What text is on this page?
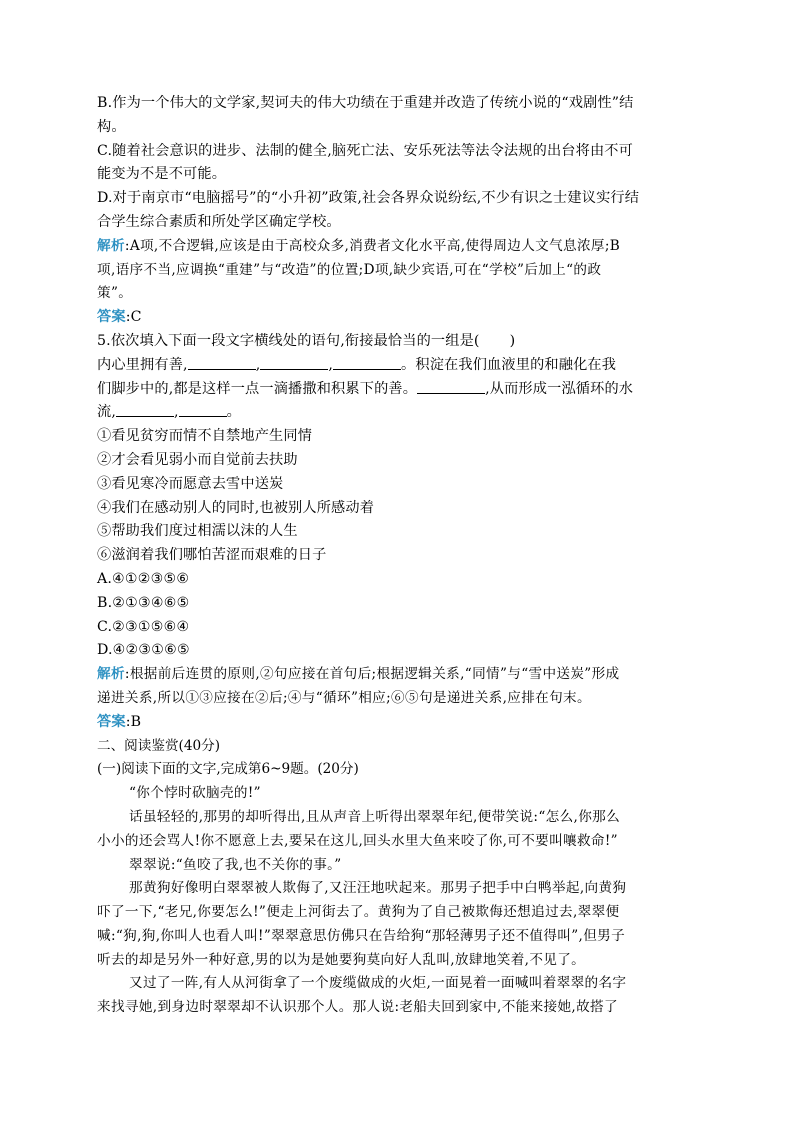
B.作为一个伟大的文学家,契诃夫的伟大功绩在于重建并改造了传统小说的“戏剧性”结
构。
C.随着社会意识的进步、法制的健全,脑死亡法、安乐死法等法令法规的出台将由不可
能变为不是不可能。
D.对于南京市“电脑摇号”的“小升初”政策,社会各界众说纷纭,不少有识之士建议实行结
合学生综合素质和所处学区确定学校。
解析:A项,不合逻辑,应该是由于高校众多,消费者文化水平高,使得周边人文气息浓厚;B
项,语序不当,应调换“重建”与“改造”的位置;D项,缺少宾语,可在“学校”后加上“的政
策”。
答案:C
5.依次填入下面一段文字横线处的语句,衔接最恰当的一组是( )
内心里拥有善,	,	,	。积淀在我们血液里的和融化在我
们脚步中的,都是这样一点一滴播撒和积累下的善。	,从而形成一泓循环的水
流,	,	。
①看见贫穷而情不自禁地产生同情
②才会看见弱小而自觉前去扶助
③看见寒冷而愿意去雪中送炭
④我们在感动别人的同时,也被别人所感动着
⑤帮助我们度过相濡以沫的人生
⑥滋润着我们哪怕苦涩而艰难的日子
A.④①②③⑤⑥
B.②①③④⑥⑤
C.②③①⑤⑥④
D.④②③①⑥⑤
解析:根据前后连贯的原则,②句应接在首句后;根据逻辑关系,“同情”与“雪中送炭”形成
递进关系,所以①③应接在②后;④与“循环”相应;⑥⑤句是递进关系,应排在句末。
答案:B
二、阅读鉴赏(40分)
(一)阅读下面的文字,完成第6~9题。(20分)
“你个悖时砍脑壳的!”
话虽轻轻的,那男的却听得出,且从声音上听得出翠翠年纪,便带笑说:“怎么,你那么
小小的还会骂人!你不愿意上去,要呆在这儿,回头水里大鱼来咬了你,可不要叫嚷救命!”
翠翠说:“鱼咬了我,也不关你的事。”
那黄狗好像明白翠翠被人欺侮了,又汪汪地吠起来。那男子把手中白鸭举起,向黄狗
吓了一下,“老兄,你要怎么!”便走上河街去了。黄狗为了自己被欺侮还想追过去,翠翠便
喊:“狗,狗,你叫人也看人叫!”翠翠意思仿佛只在告给狗“那轻薄男子还不值得叫”,但男子
听去的却是另外一种好意,男的以为是她要狗莫向好人乱叫,放肆地笑着,不见了。
又过了一阵,有人从河街拿了一个废缆做成的火炬,一面晃着一面喊叫着翠翠的名字
来找寻她,到身边时翠翠却不认识那个人。那人说:老船夫回到家中,不能来接她,故搭了
